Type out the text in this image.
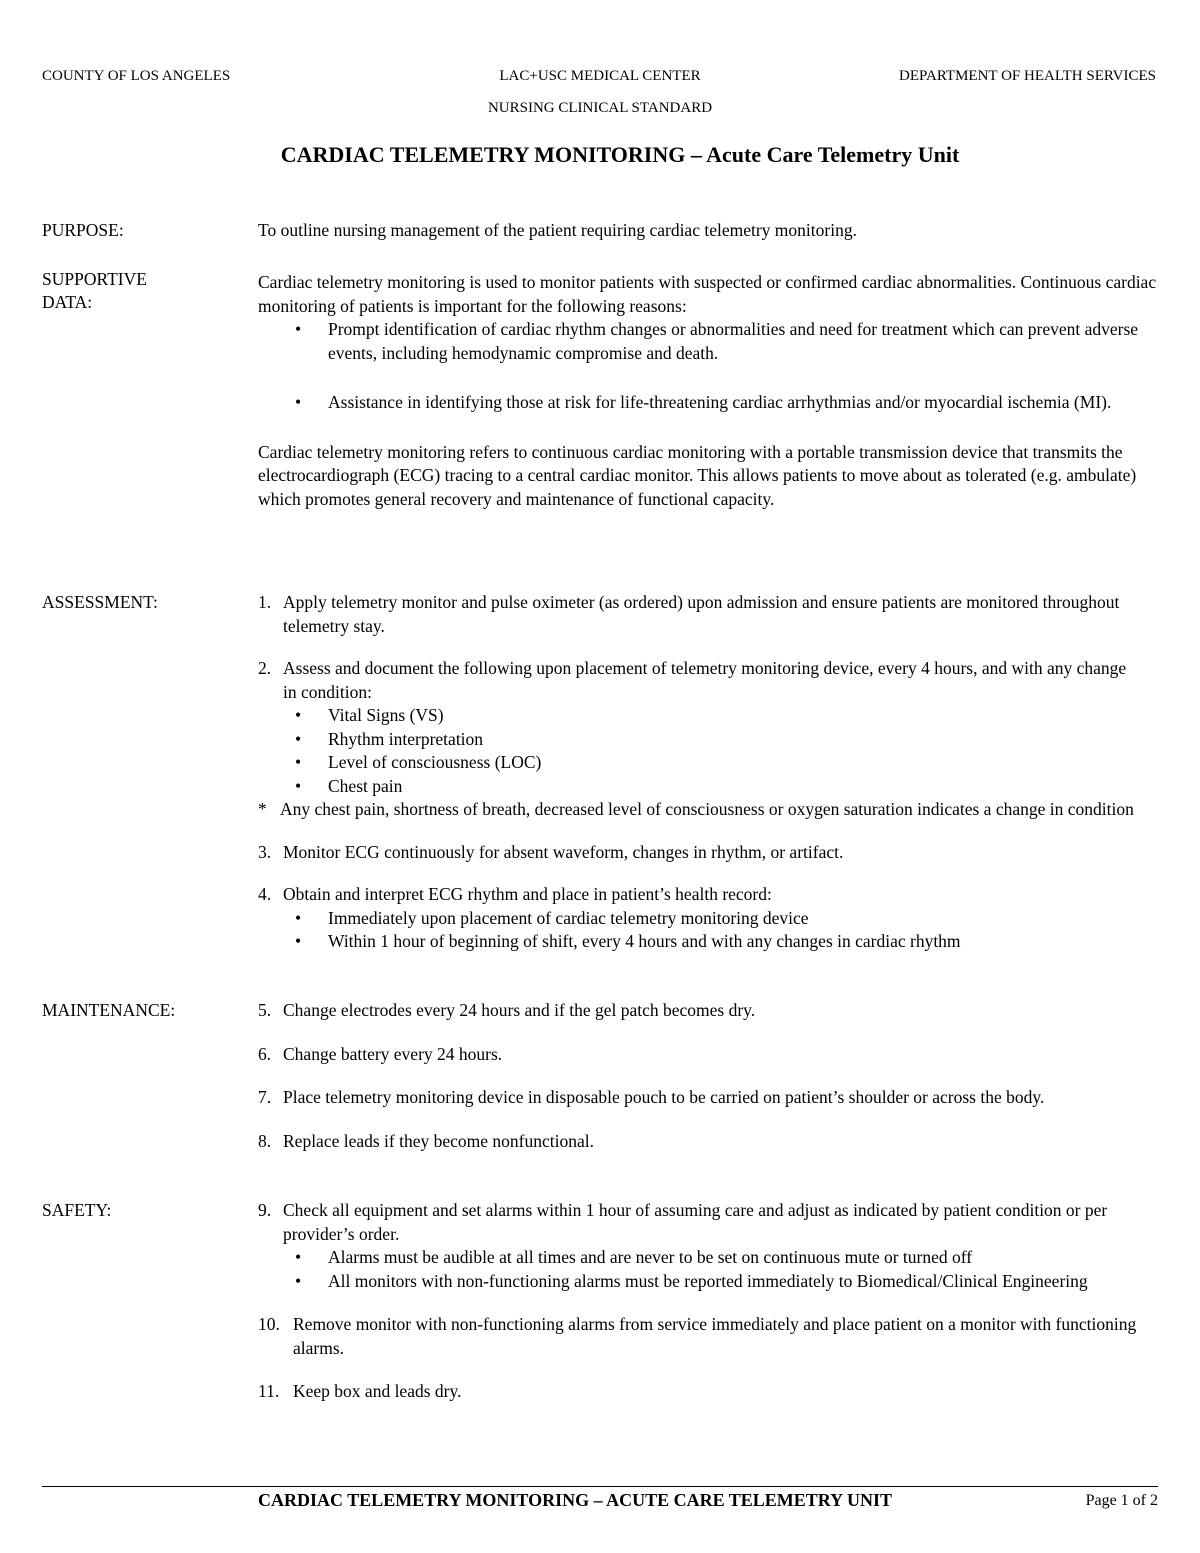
COUNTY OF LOS ANGELES	LAC+USC MEDICAL CENTER	DEPARTMENT OF HEALTH SERVICES
NURSING CLINICAL STANDARD
CARDIAC TELEMETRY MONITORING – Acute Care Telemetry Unit
PURPOSE:	To outline nursing management of the patient requiring cardiac telemetry monitoring.

SUPPORTIVE
DATA:

Cardiac telemetry monitoring is used to monitor patients with suspected or confirmed cardiac abnormalities. Continuous cardiac monitoring of patients is important for the following reasons:

• Prompt identification of cardiac rhythm changes or abnormalities and need for treatment which can prevent adverse events, including hemodynamic compromise and death.

• Assistance in identifying those at risk for life-threatening cardiac arrhythmias and/or myocardial ischemia (MI).

Cardiac telemetry monitoring refers to continuous cardiac monitoring with a portable transmission device that transmits the electrocardiograph (ECG) tracing to a central cardiac monitor. This allows patients to move about as tolerated (e.g. ambulate) which promotes general recovery and maintenance of functional capacity.

ASSESSMENT:	1. Apply telemetry monitor and pulse oximeter (as ordered) upon admission and ensure patients are monitored throughout telemetry stay.
2. Assess and document the following upon placement of telemetry monitoring device, every 4 hours, and with any change in condition:

• Vital Signs (VS)

• Rhythm interpretation

• Level of consciousness (LOC)

• Chest pain

* Any chest pain, shortness of breath, decreased level of consciousness or oxygen saturation indicates a change in condition
3. Monitor ECG continuously for absent waveform, changes in rhythm, or artifact.
4. Obtain and interpret ECG rhythm and place in patient’s health record:

• Immediately upon placement of cardiac telemetry monitoring device

• Within 1 hour of beginning of shift, every 4 hours and with any changes in cardiac rhythm

MAINTENANCE:	5. Change electrodes every 24 hours and if the gel patch becomes dry.
6. Change battery every 24 hours.
7. Place telemetry monitoring device in disposable pouch to be carried on patient’s shoulder or across the body.
8. Replace leads if they become nonfunctional.
SAFETY:	9. Check all equipment and set alarms within 1 hour of assuming care and adjust as indicated by patient condition or per provider’s order.

• Alarms must be audible at all times and are never to be set on continuous mute or turned off

• All monitors with non-functioning alarms must be reported immediately to Biomedical/Clinical Engineering

10. Remove monitor with non-functioning alarms from service immediately and place patient on a monitor with functioning alarms.
11. Keep box and leads dry.
CARDIAC TELEMETRY MONITORING – ACUTE CARE TELEMETRY UNIT	Page 1 of 2
